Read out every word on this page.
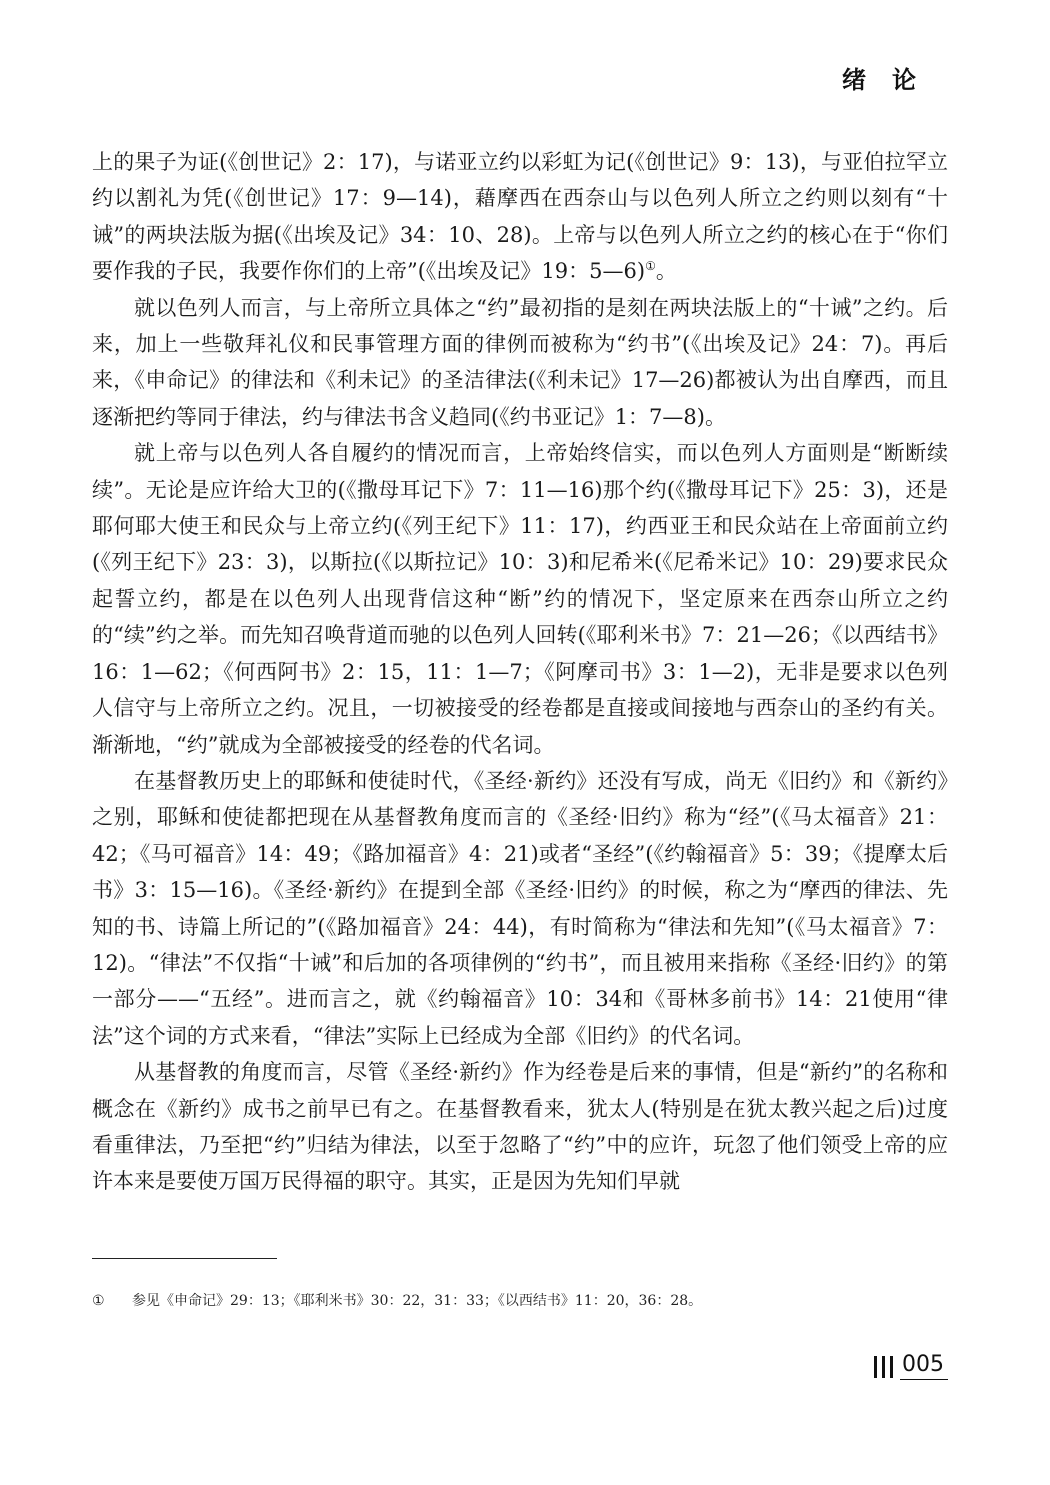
绪论

上的果子为证(《创世记》2：17)，与诺亚立约以彩虹为记(《创世记》9：13)，与亚伯拉罕立约以割礼为凭(《创世记》17：9—14)，藉摩西在西奈山与以色列人所立之约则以刻有“十诫”的两块法版为据(《出埃及记》34：10、28)。上帝与以色列人所立之约的核心在于“你们要作我的子民，我要作你们的上帝”(《出埃及记》19：5—6)①。

就以色列人而言，与上帝所立具体之“约”最初指的是刻在两块法版上的“十诫”之约。后来，加上一些敬拜礼仪和民事管理方面的律例而被称为“约书”(《出埃及记》24：7)。再后来，《申命记》的律法和《利未记》的圣洁律法(《利未记》17—26)都被认为出自摩西，而且逐渐把约等同于律法，约与律法书含义趋同(《约书亚记》1：7—8)。

就上帝与以色列人各自履约的情况而言，上帝始终信实，而以色列人方面则是“断断续续”。无论是应许给大卫的(《撒母耳记下》7：11—16)那个约(《撒母耳记下》25：3)，还是耶何耶大使王和民众与上帝立约(《列王纪下》11：17)，约西亚王和民众站在上帝面前立约(《列王纪下》23：3)，以斯拉(《以斯拉记》10：3)和尼希米(《尼希米记》10：29)要求民众起誓立约，都是在以色列人出现背信这种“断”约的情况下，坚定原来在西奈山所立之约的“续”约之举。而先知召唤背道而驰的以色列人回转(《耶利米书》7：21—26；《以西结书》16：1—62；《何西阿书》2：15，11：1—7；《阿摩司书》3：1—2)，无非是要求以色列人信守与上帝所立之约。况且，一切被接受的经卷都是直接或间接地与西奈山的圣约有关。渐渐地，“约”就成为全部被接受的经卷的代名词。

在基督教历史上的耶稣和使徒时代，《圣经·新约》还没有写成，尚无《旧约》和《新约》之别，耶稣和使徒都把现在从基督教角度而言的《圣经·旧约》称为“经”(《马太福音》21：42；《马可福音》14：49；《路加福音》4：21)或者“圣经”(《约翰福音》5：39；《提摩太后书》3：15—16)。《圣经·新约》在提到全部《圣经·旧约》的时候，称之为“摩西的律法、先知的书、诗篇上所记的”(《路加福音》24：44)，有时简称为“律法和先知”(《马太福音》7：12)。“律法”不仅指“十诫”和后加的各项律例的“约书”，而且被用来指称《圣经·旧约》的第一部分——“五经”。进而言之，就《约翰福音》10：34和《哥林多前书》14：21使用“律法”这个词的方式来看，“律法”实际上已经成为全部《旧约》的代名词。

从基督教的角度而言，尽管《圣经·新约》作为经卷是后来的事情，但是“新约”的名称和概念在《新约》成书之前早已有之。在基督教看来，犹太人(特别是在犹太教兴起之后)过度看重律法，乃至把“约”归结为律法，以至于忽略了“约”中的应许，玩忽了他们领受上帝的应许本来是要使万国万民得福的职守。其实，正是因为先知们早就

① 参见《申命记》29：13；《耶利米书》30：22，31：33；《以西结书》11：20，36：28。
005
